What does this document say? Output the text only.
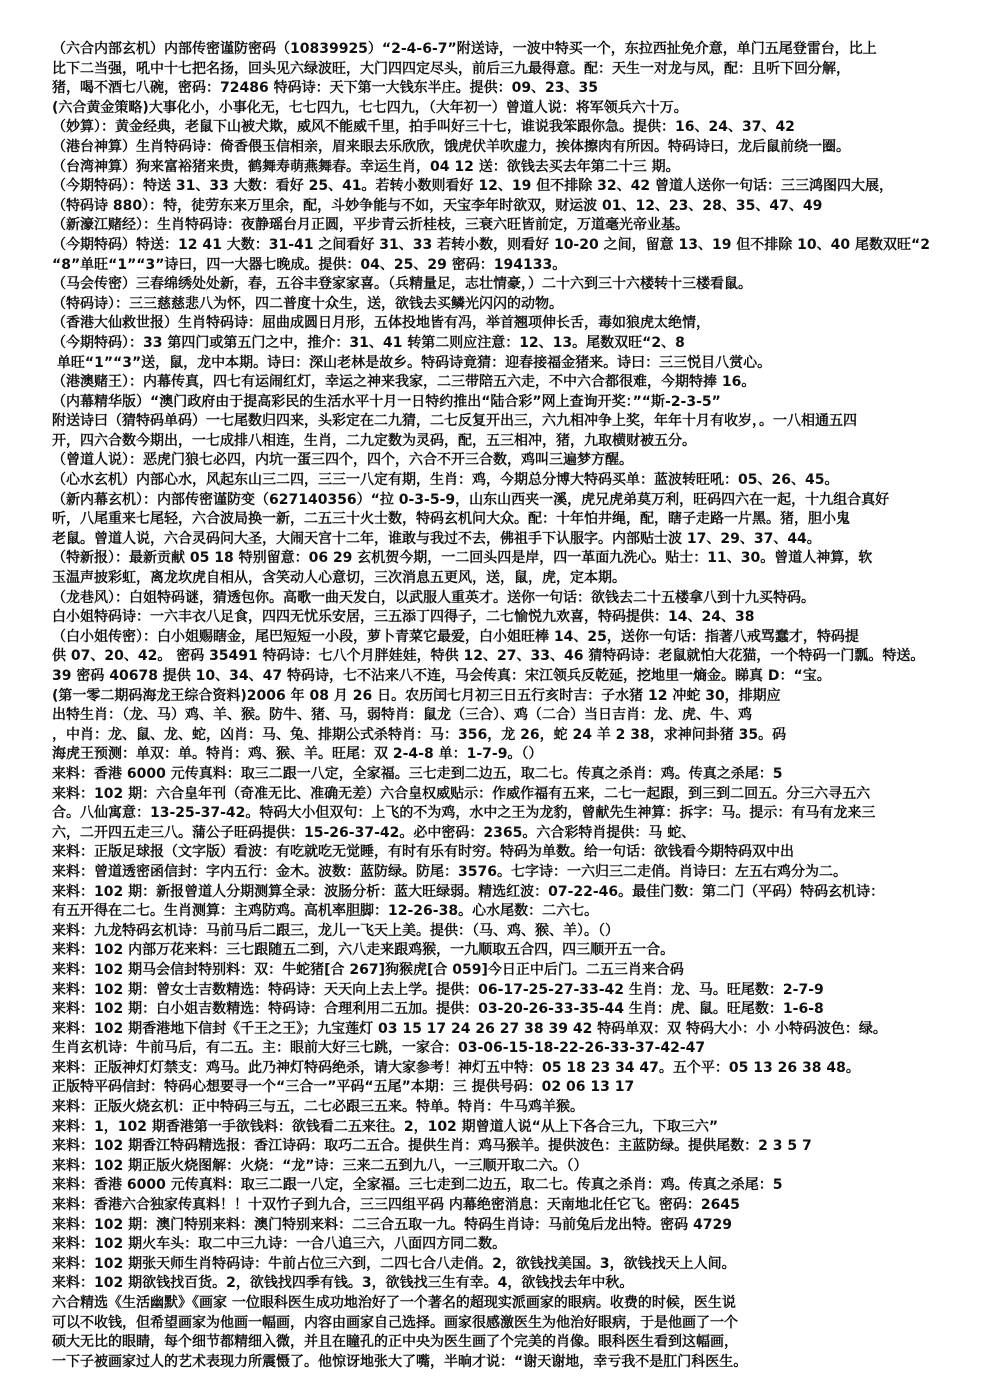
（六合内部玄机）内部传密谨防密码（10839925）“2-4-6-7”附送诗，一波中特买一个，东拉西扯免介意，单门五尾登雷台，比上
比下二当强，吼中十七把名扬，回头见六绿波旺，大门四四定尽头，前后三九最得意。配：天生一对龙与凤，配：且听下回分解，
猪，喝不酒七八碗，密码：72486 特码诗：天下第一大钱东半庄。提供：09、23、35
(六合黄金策略)大事化小，小事化无，七七四九，七七四九，（大年初一）曾道人说：将军领兵六十万。
（妙算）：黄金经典，老鼠下山被犬欺，威风不能威千里，拍手叫好三十七，谁说我笨跟你急。提供：16、24、37、42
（港台神算）生肖特码诗：倚香偎玉信相亲，眉来眼去乐欣欣，饿虎伏羊吹虚力，挨体擦肉有所因。特码诗曰，龙后鼠前绕一圈。
（台湾神算）狗来富裕猪来贵，鹤舞寿萌燕舞春。幸运生肖，04 12 送：欲钱去买去年第二十三 期。
（今期特码）：特送 31、33 大数：看好 25、41。若转小数则看好 12、19 但不排除 32、42 曾道人送你一句话：三三鸿图四大展，
（特码诗 880）：特，徒劳东来万里余，配，斗妙争能与不如，天宝李年时欲双，财运波 01、12、23、28、35、47、49
（新濠江赌经）：生肖特码诗：夜静瑶台月正圆，平步青云折桂枝，三衰六旺皆前定，万道毫光帝业基。
（今期特码）特送：12 41 大数：31-41 之间看好 31、33 若转小数，则看好 10-20 之间，留意 13、19 但不排除 10、40 尾数双旺“2
“8”单旺“1”“3”诗曰，四一大器七晚成。提供：04、25、29 密码：194133。
（马会传密）三春绵绣处处新，春，五谷丰登家家喜。（兵精量足，志壮情豪，）二十六到三十六楼转十三楼看鼠。
（特码诗）：三三慈慈悲八为怀，四二普度十众生，送，欲钱去买鳞光闪闪的动物。
（香港大仙救世报）生肖特码诗：屈曲成圆日月形，五体投地皆有冯，举首翘项伸长舌，毒如狼虎太绝情，
（今期特码）：33 第四门或第五门之中，推介：31、41 转第二则应注意：12、13。尾数双旺“2、8
单旺“1”“3”送，鼠，龙中本期。诗曰：深山老林是故乡。特码诗竟猜：迎春接福金猪来。诗曰：三三悦目八赏心。
（港澳赌王）：内幕传真，四七有运闹红灯，幸运之神来我家，二三带陪五六走，不中六合都很难，今期特捧 16。
（内幕精华版）“澳门政府由于提高彩民的生活水平十月一日特约推出“陆合彩”网上查询开奖：”“斯-2-3-5”
附送诗曰（猜特码单码）一七尾数归四来，头彩定在二九猜，二七反复开出三，六九相冲争上奖，年年十月有收岁，。一八相通五四
开，四六合数今期出，一七成排八相连，生肖，二九定数为灵码，配，五三相冲，猪，九取横财被五分。
（曾道人说）：恶虎门狼七必四，内坑一蛋三四个，四个，六合不开三合数，鸡叫三遍梦方醒。
（心水玄机）内部心水，风起东山三二四，三三一八定有期，生肖：鸡，今期总分博大特码买单：蓝波转旺吼：05、26、45。
（新内幕玄机）：内部传密谨防变（627140356）“拉 0-3-5-9，山东山西夹一溪，虎兄虎弟莫万利，旺码四六在一起，十九组合真好
听，八尾重来七尾轻，六合波局换一新，二五三十火士数，特码玄机问大众。配：十年怕井绳，配，瞎子走路一片黑。猪，胆小鬼
老鼠。曾道人说，六合灵码问大圣，大闹天宫十二年，谁敢与我过不去，佛祖手下认服字。内部贴士波 17、29、37、44。
（特新报）：最新贡献 05 18 特别留意：06 29 玄机贺今期，一二回头四是岸，四一革面九洗心。贴士：11、30。曾道人神算，软
玉温声披彩虹，离龙坎虎自相从，含笑动人心意切，三次消息五更风，送，鼠，虎，定本期。
（龙巷风）：白姐特码谜，猜透包你。高歌一曲天发白，以武服人重英才。送你一句话：欲钱去二十五楼拿八到十九买特码。
白小姐特码诗：一六丰衣八足食，四四无忧乐安居，三五添丁四得子，二七愉悦九欢喜，特码提供：14、24、38
（白小姐传密）：白小姐赐瞎金，尾巴短短一小段，萝卜青菜它最爱，白小姐旺棒 14、25，送你一句话：指著八戒骂蠢才，特码提
供 07、20、42。 密码 35491 特码诗：七八个月胖娃娃，特供 12、27、33、46 猜特码诗：老鼠就怕大花猫，一个特码一门瓢。特送。
39 密码 40678 提供 10、34、47 特码诗，七不沾来八不连，马会传真：宋江领兵反乾延，挖地里一熵金。睇真 D：“宝。
(第一零二期码海龙王综合资料)2006 年 08 月 26 日。农历闰七月初三日五行亥时吉：子水猪 12 冲蛇 30，排期应
出特生肖：（龙、马）鸡、羊、猴。防牛、猪、马，弱特肖：鼠龙（三合）、鸡（二合）当日吉肖：龙、虎、牛、鸡
，中肖：龙、鼠、龙、蛇，凶肖：马、兔、排期公式杀特肖：马：356，龙 26，蛇 24 羊 2 38，求神问卦猪 35。码
海虎王预测：单双：单。特肖：鸡、猴、羊。旺尾：双 2-4-8 单：1-7-9。（）
来料：香港 6000 元传真料：取三二跟一八定，全家福。三七走到二边五，取二七。传真之杀肖：鸡。传真之杀尾：5
来料：102 期：六合皇年刊（奇准无比、准确无差）六合皇权威贴示：作威作福有五来，二七一起跟，到三到二回五。分三六寻五六
合。八仙寓意：13-25-37-42。特码大小但双句：上飞的不为鸡，水中之王为龙豹，曾献先生神算：拆字：马。提示：有马有龙来三
六，二开四五走三八。蒲公子旺码提供：15-26-37-42。必中密码：2365。六合彩特肖提供：马 蛇、
来料：正版足球报（文字版）看波：有吃就吃无觉睡，有时有乐有时穷。特码为单数。给一句话：欲钱看今期特码双中出
来料：曾道透密函信封：字内五行：金木。波数：蓝防绿。防尾：3576。七字诗：一六归三二走俏。肖诗曰：左五右鸡分为二。
来料：102 期：新报曾道人分期测算全录：波肠分析：蓝大旺绿弱。精选红波：07-22-46。最佳门数：第二门（平码）特码玄机诗：
有五开得在二七。生肖测算：主鸡防鸡。高机率胆脚：12-26-38。心水尾数：二六七。
来料：九龙特码玄机诗：马前马后二跟三，龙儿一飞天上美。提供：（马、鸡、猴、羊）。（）
来料：102 内部万花来料：三七跟随五二到，六八走来跟鸡猴，一九顺取五合四，四三顺开五一合。
来料：102 期马会信封特别料：双：牛蛇猪[合 267]狗猴虎[合 059]今日正中后门。二五三肖来合码
来料：102 期：曾女士吉数精选：特码诗：天天向上去上学。提供：06-17-25-27-33-42 生肖：龙、马。旺尾数：2-7-9
来料：102 期：白小姐吉数精选：特码诗：合理利用二五加。提供：03-20-26-33-35-44 生肖：虎、鼠。旺尾数：1-6-8
来料：102 期香港地下信封《千王之王》；九宝莲灯 03 15 17 24 26 27 38 39 42 特码单双：双 特码大小：小 小特码波色：绿。
生肖玄机诗：牛前马后，有二五。主：眼前大好三七跳，一家合：03-06-15-18-22-26-33-37-42-47
来料：正版神灯灯禁支：鸡马。此乃神灯特码绝杀，请大家参考！神灯五中特：05 18 23 34 47。五个平：05 13 26 38 48。
正版特平码信封：特码心想要寻一个“三合一”平码“五尾”本期：三 提供号码：02 06 13 17
来料：正版火烧玄机：正中特码三与五，二七必跟三五来。特单。特肖：牛马鸡羊猴。
来料：1，102 期香港第一手欲钱料：欲钱看二五来往。2，102 期曾道人说“从上下各合三九，下取三六”
来料：102 期香江特码精选报：香江诗码：取巧二五合。提供生肖：鸡马猴羊。提供波色：主蓝防绿。提供尾数：2 3 5 7
来料：102 期正版火烧图解：火烧：“龙”诗：三来二五到九八，一三顺开取二六。（）
来料：香港 6000 元传真料：取三二跟一八定，全家福。三七走到二边五，取二七。传真之杀肖：鸡。传真之杀尾：5
来料：香港六合独家传真料！！十双竹子到九合，三三四组平码 内幕绝密消息：天南地北任它飞。密码：2645
来料：102 期：澳门特别来料：澳门特别来料：二三合五取一九。特码生肖诗：马前兔后龙出特。密码 4729
来料：102 期火车头：取二中三九诗：一合八追三六，八面四方同二数。
来料：102 期张天师生肖特码诗：牛前占位三六到，二四七合八走俏。2，欲钱找美国。3，欲钱找天上人间。
来料：102 期欲钱找百货。2，欲钱找四季有钱。3，欲钱找三生有幸。4，欲钱找去年中秋。
六合精选《生活幽默》《画家 一位眼科医生成功地治好了一个著名的超现实派画家的眼病。收费的时候，医生说
可以不收钱，但希望画家为他画一幅画，内容由画家自己选择。画家很感激医生为他治好眼病，于是他画了一个
硕大无比的眼睛，每个细节都精细入微，并且在瞳孔的正中央为医生画了个完美的肖像。眼科医生看到这幅画，
一下子被画家过人的艺术表现力所震慑了。他惊讶地张大了嘴，半晌才说：“谢天谢地，幸亏我不是肛门科医生。
